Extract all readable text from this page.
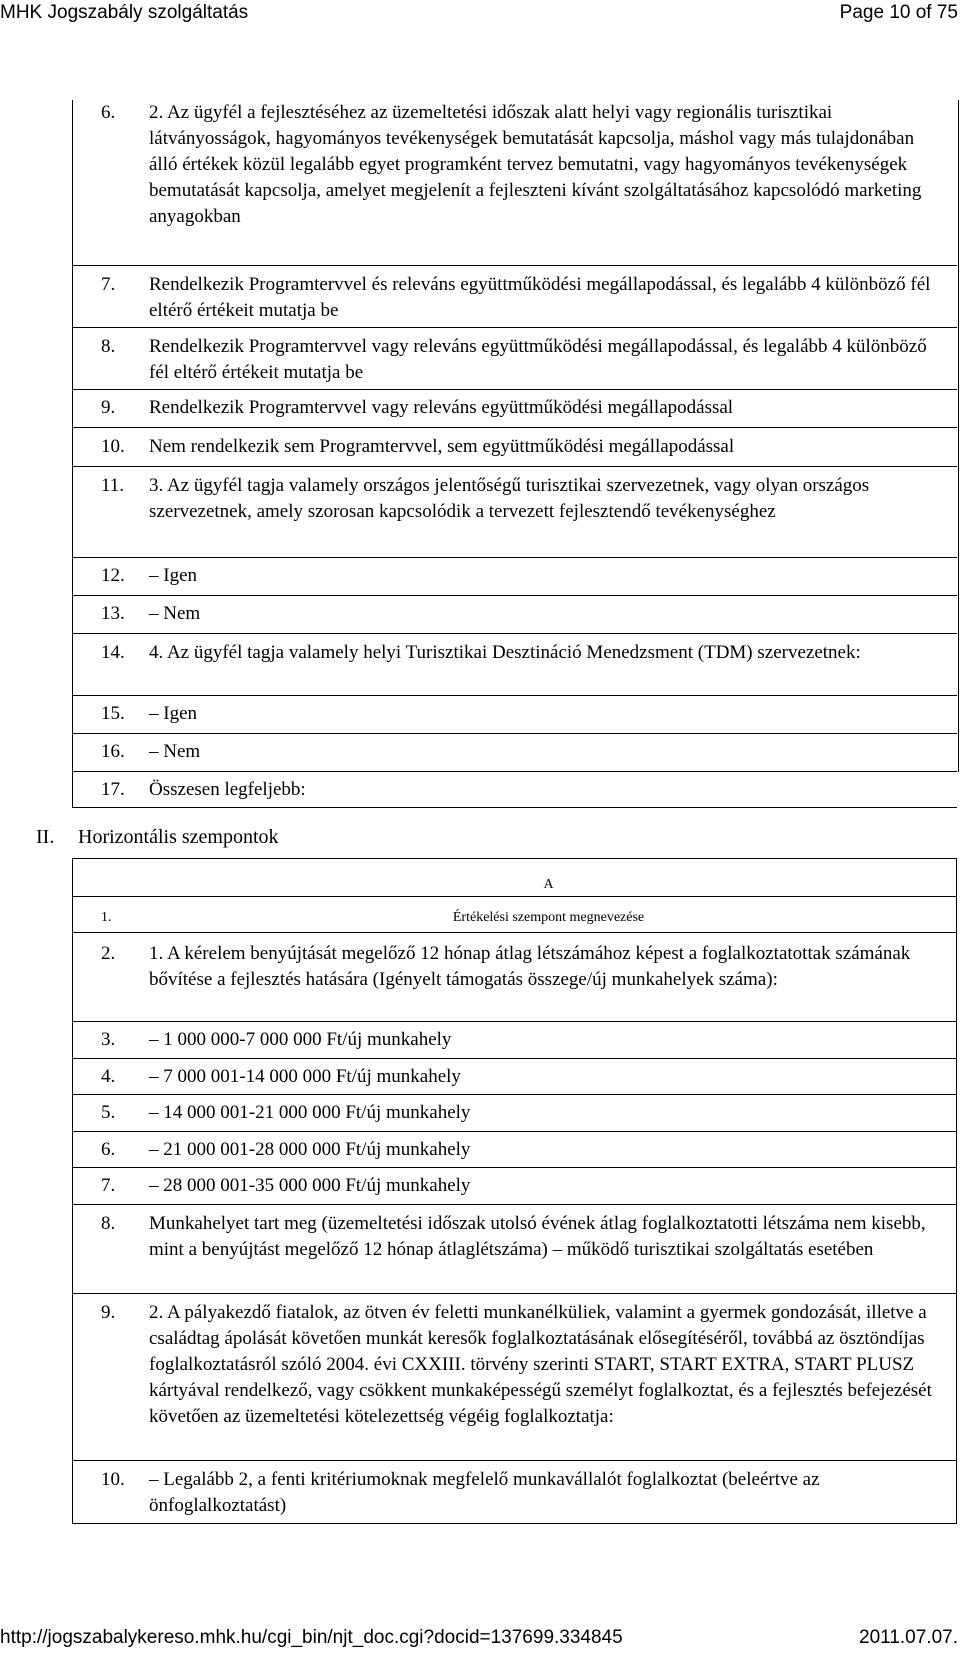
MHK Jogszabály szolgáltatás	Page 10 of 75
6.	2. Az ügyfél a fejlesztéséhez az üzemeltetési időszak alatt helyi vagy regionális turisztikai látványosságok, hagyományos tevékenységek bemutatását kapcsolja, máshol vagy más tulajdonában álló értékek közül legalább egyet programként tervez bemutatni, vagy hagyományos tevékenységek bemutatását kapcsolja, amelyet megjelenít a fejleszteni kívánt szolgáltatásához kapcsolódó marketing anyagokban
7.	Rendelkezik Programtervvel és releváns együttműködési megállapodással, és legalább 4 különböző fél eltérő értékeit mutatja be
8.	Rendelkezik Programtervvel vagy releváns együttműködési megállapodással, és legalább 4 különböző fél eltérő értékeit mutatja be
9.	Rendelkezik Programtervvel vagy releváns együttműködési megállapodással
10.	Nem rendelkezik sem Programtervvel, sem együttműködési megállapodással
11.	3. Az ügyfél tagja valamely országos jelentőségű turisztikai szervezetnek, vagy olyan országos szervezetnek, amely szorosan kapcsolódik a tervezett fejlesztendő tevékenységhez
12.	– Igen
13.	– Nem
14.	4. Az ügyfél tagja valamely helyi Turisztikai Desztináció Menedzsment (TDM) szervezetnek:
15.	– Igen
16.	– Nem
17.	Összesen legfeljebb:
II. Horizontális szempontok
A
1.	Értékelési szempont megnevezése
2.	1. A kérelem benyújtását megelőző 12 hónap átlag létszámához képest a foglalkoztatottak számának bővítése a fejlesztés hatására (Igényelt támogatás összege/új munkahelyek száma):
3.	– 1 000 000-7 000 000 Ft/új munkahely
4.	– 7 000 001-14 000 000 Ft/új munkahely
5.	– 14 000 001-21 000 000 Ft/új munkahely
6.	– 21 000 001-28 000 000 Ft/új munkahely
7.	– 28 000 001-35 000 000 Ft/új munkahely
8.	Munkahelyet tart meg (üzemeltetési időszak utolsó évének átlag foglalkoztatotti létszáma nem kisebb, mint a benyújtást megelőző 12 hónap átlaglétszáma) – működő turisztikai szolgáltatás esetében
9.	2. A pályakezdő fiatalok, az ötven év feletti munkanélküliek, valamint a gyermek gondozását, illetve a családtag ápolását követően munkát keresők foglalkoztatásának elősegítéséről, továbbá az ösztöndíjas foglalkoztatásról szóló 2004. évi CXXIII. törvény szerinti START, START EXTRA, START PLUSZ kártyával rendelkező, vagy csökkent munkaképességű személyt foglalkoztat, és a fejlesztés befejezését követően az üzemeltetési kötelezettség végéig foglalkoztatja:
10.	– Legalább 2, a fenti kritériumoknak megfelelő munkavállalót foglalkoztat (beleértve az önfoglalkoztatást)
http://jogszabalykereso.mhk.hu/cgi_bin/njt_doc.cgi?docid=137699.334845	2011.07.07.
